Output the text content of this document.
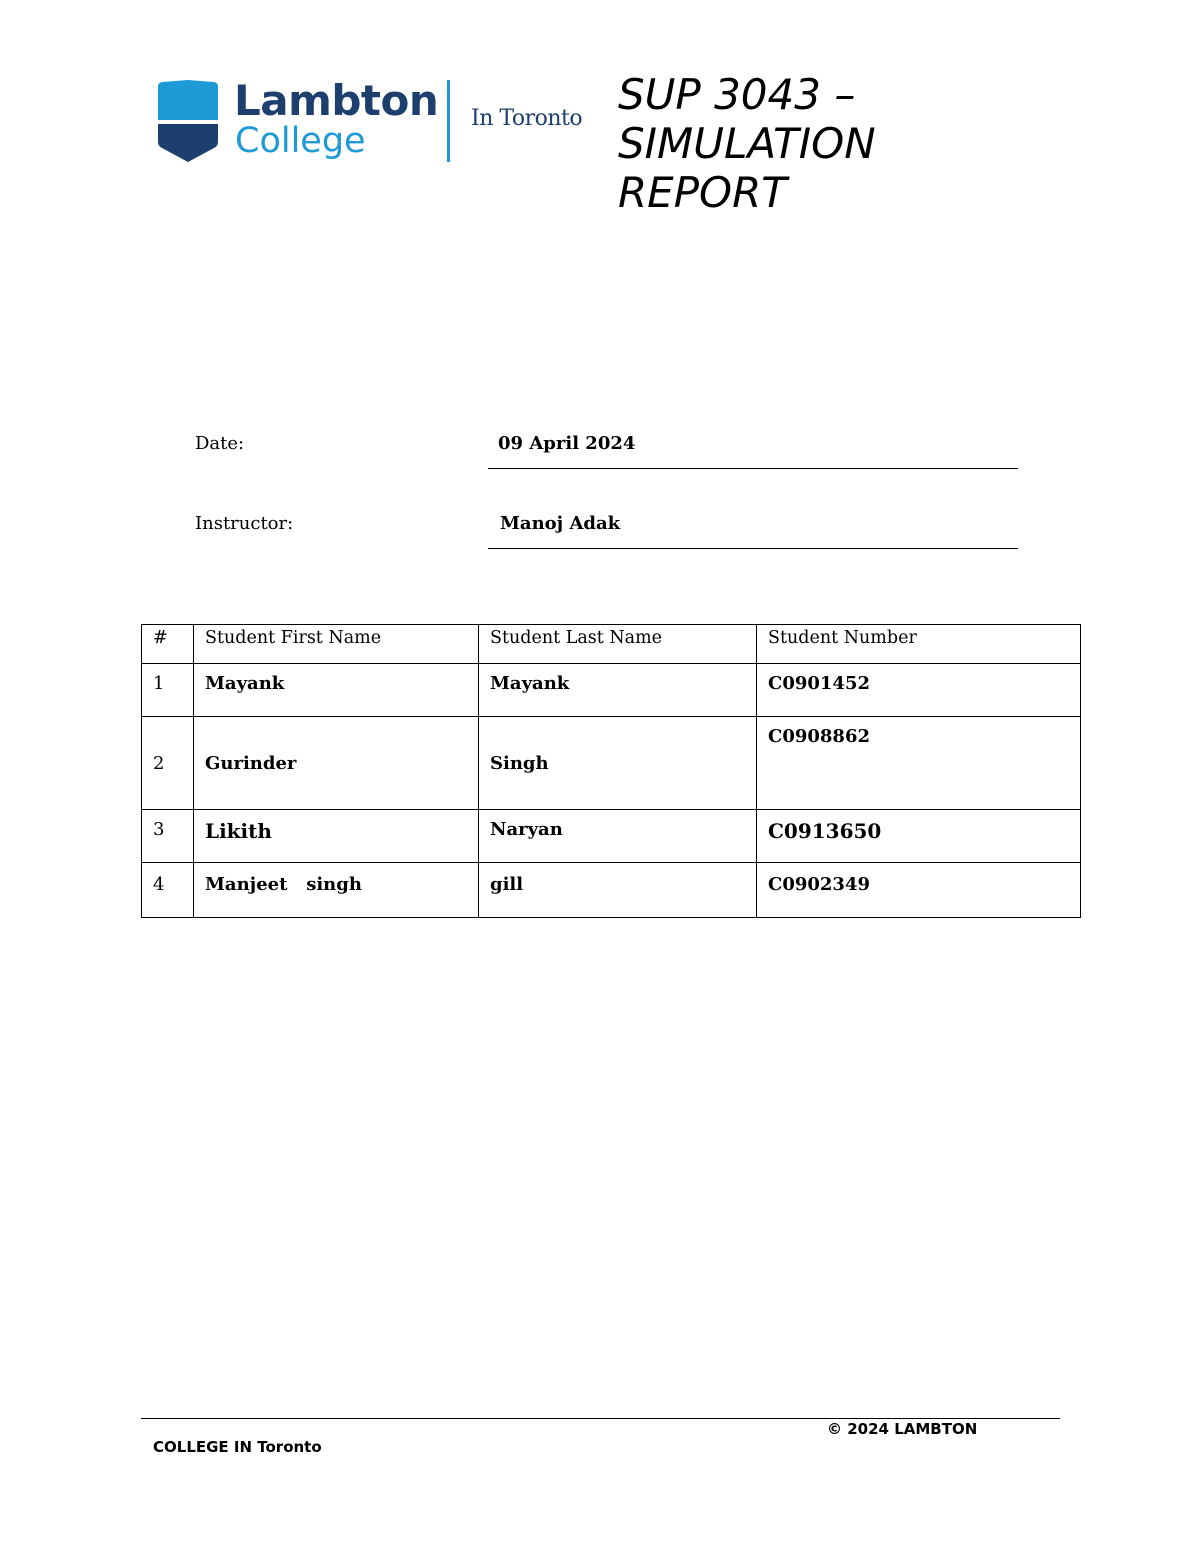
Lambton
College
In Toronto SUP 3043 –
SIMULATION
REPORT
Date:	09 April 2024
Instructor:	Manoj Adak
#	Student First Name	Student Last Name	Student Number
1	Mayank	Mayank	C0901452
2	Gurinder	Singh	C0908862
3	Likith	Naryan	C0913650
4	Manjeet   singh	gill	C0902349
© 2024 LAMBTON
COLLEGE IN Toronto
